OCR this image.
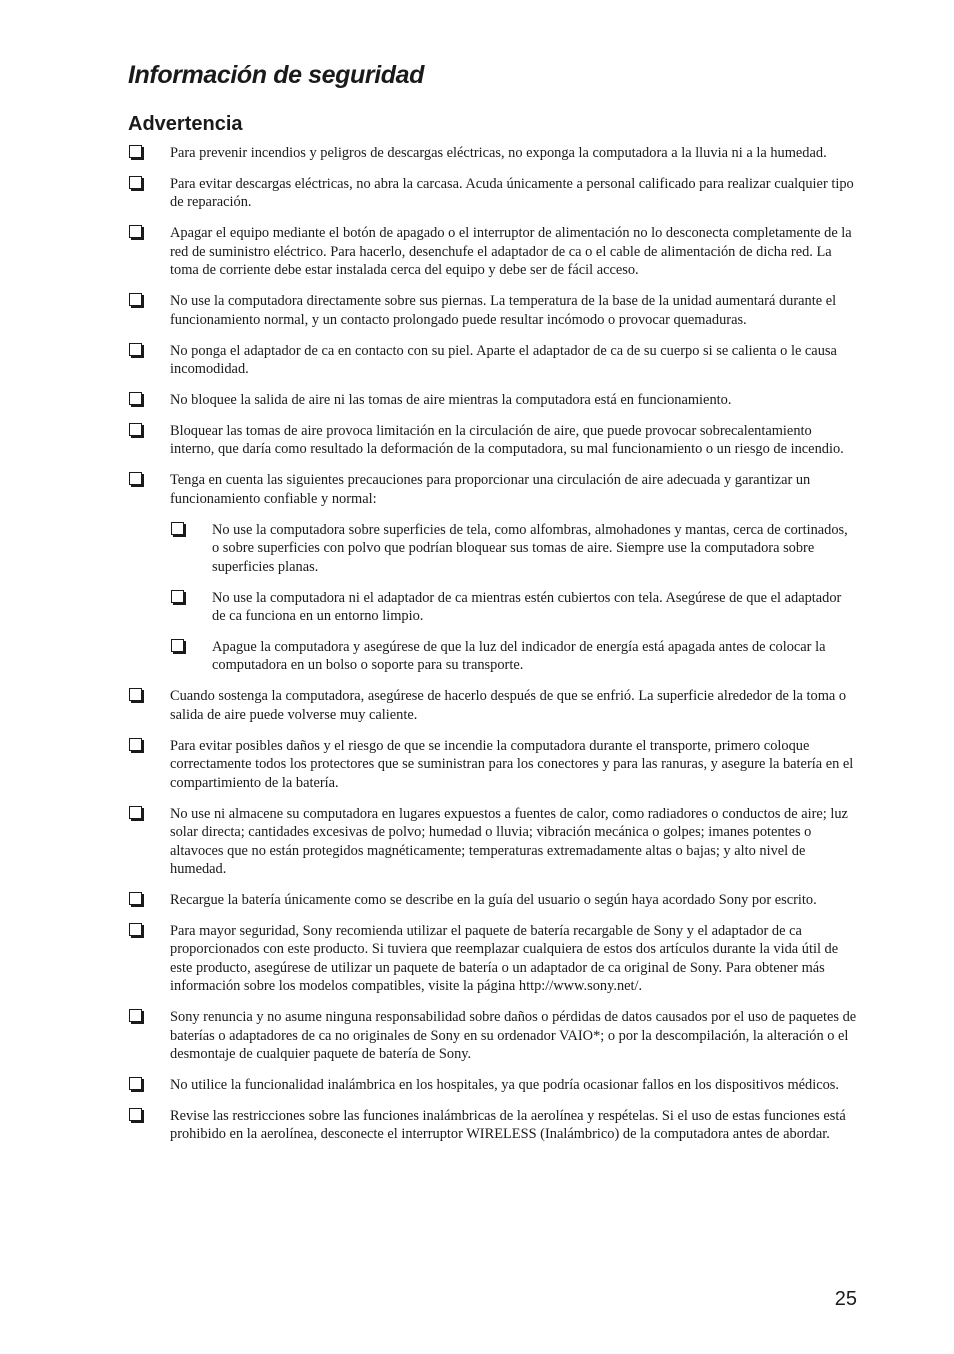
Información de seguridad
Advertencia
Para prevenir incendios y peligros de descargas eléctricas, no exponga la computadora a la lluvia ni a la humedad.
Para evitar descargas eléctricas, no abra la carcasa. Acuda únicamente a personal calificado para realizar cualquier tipo de reparación.
Apagar el equipo mediante el botón de apagado o el interruptor de alimentación no lo desconecta completamente de la red de suministro eléctrico. Para hacerlo, desenchufe el adaptador de ca o el cable de alimentación de dicha red. La toma de corriente debe estar instalada cerca del equipo y debe ser de fácil acceso.
No use la computadora directamente sobre sus piernas. La temperatura de la base de la unidad aumentará durante el funcionamiento normal, y un contacto prolongado puede resultar incómodo o provocar quemaduras.
No ponga el adaptador de ca en contacto con su piel. Aparte el adaptador de ca de su cuerpo si se calienta o le causa incomodidad.
No bloquee la salida de aire ni las tomas de aire mientras la computadora está en funcionamiento.
Bloquear las tomas de aire provoca limitación en la circulación de aire, que puede provocar sobrecalentamiento interno, que daría como resultado la deformación de la computadora, su mal funcionamiento o un riesgo de incendio.
Tenga en cuenta las siguientes precauciones para proporcionar una circulación de aire adecuada y garantizar un funcionamiento confiable y normal:
No use la computadora sobre superficies de tela, como alfombras, almohadones y mantas, cerca de cortinados, o sobre superficies con polvo que podrían bloquear sus tomas de aire. Siempre use la computadora sobre superficies planas.
No use la computadora ni el adaptador de ca mientras estén cubiertos con tela. Asegúrese de que el adaptador de ca funciona en un entorno limpio.
Apague la computadora y asegúrese de que la luz del indicador de energía está apagada antes de colocar la computadora en un bolso o soporte para su transporte.
Cuando sostenga la computadora, asegúrese de hacerlo después de que se enfrió. La superficie alrededor de la toma o salida de aire puede volverse muy caliente.
Para evitar posibles daños y el riesgo de que se incendie la computadora durante el transporte, primero coloque correctamente todos los protectores que se suministran para los conectores y para las ranuras, y asegure la batería en el compartimiento de la batería.
No use ni almacene su computadora en lugares expuestos a fuentes de calor, como radiadores o conductos de aire; luz solar directa; cantidades excesivas de polvo; humedad o lluvia; vibración mecánica o golpes; imanes potentes o altavoces que no están protegidos magnéticamente; temperaturas extremadamente altas o bajas; y alto nivel de humedad.
Recargue la batería únicamente como se describe en la guía del usuario o según haya acordado Sony por escrito.
Para mayor seguridad, Sony recomienda utilizar el paquete de batería recargable de Sony y el adaptador de ca proporcionados con este producto. Si tuviera que reemplazar cualquiera de estos dos artículos durante la vida útil de este producto, asegúrese de utilizar un paquete de batería o un adaptador de ca original de Sony. Para obtener más información sobre los modelos compatibles, visite la página http://www.sony.net/.
Sony renuncia y no asume ninguna responsabilidad sobre daños o pérdidas de datos causados por el uso de paquetes de baterías o adaptadores de ca no originales de Sony en su ordenador VAIO*; o por la descompilación, la alteración o el desmontaje de cualquier paquete de batería de Sony.
No utilice la funcionalidad inalámbrica en los hospitales, ya que podría ocasionar fallos en los dispositivos médicos.
Revise las restricciones sobre las funciones inalámbricas de la aerolínea y respételas. Si el uso de estas funciones está prohibido en la aerolínea, desconecte el interruptor WIRELESS (Inalámbrico) de la computadora antes de abordar.
25
